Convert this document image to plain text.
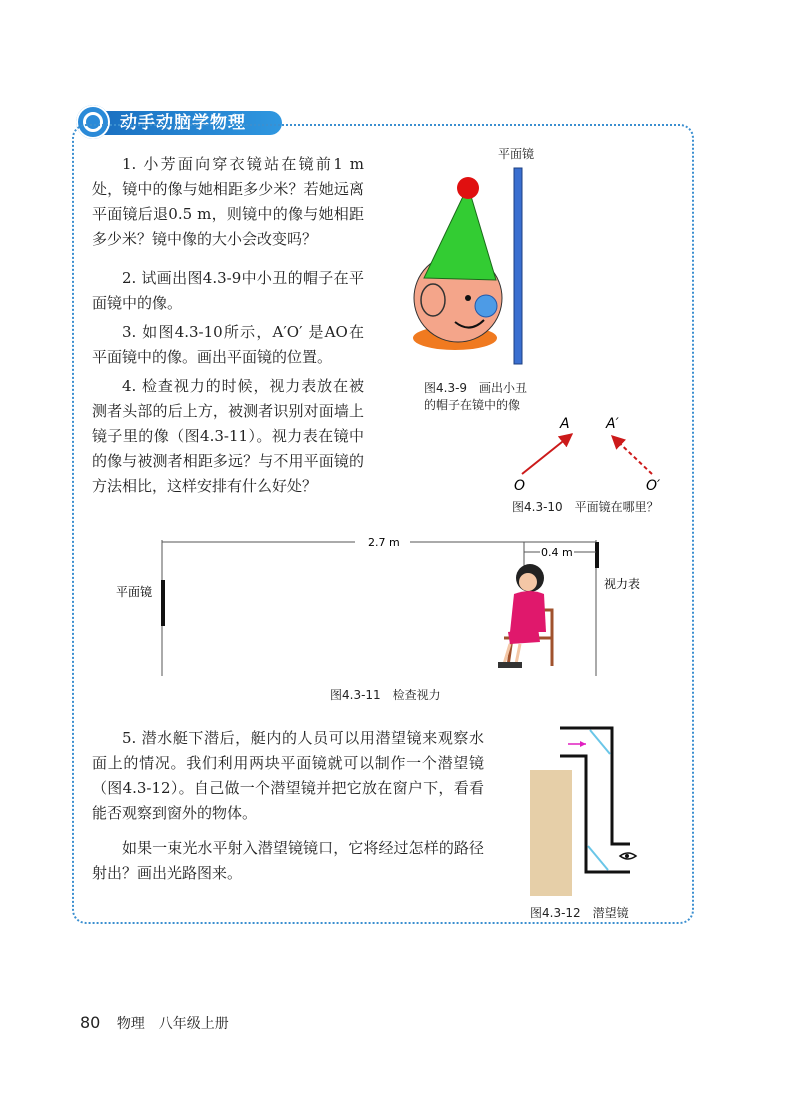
动手动脑学物理

1. 小芳面向穿衣镜站在镜前1 m处，镜中的像与她相距多少米？若她远离平面镜后退0.5 m，则镜中的像与她相距多少米？镜中像的大小会改变吗？

2. 试画出图4.3-9中小丑的帽子在平面镜中的像。

3. 如图4.3-10所示，A′O′ 是AO在平面镜中的像。画出平面镜的位置。

4. 检查视力的时候，视力表放在被测者头部的后上方，被测者识别对面墙上镜子里的像（图4.3-11）。视力表在镜中的像与被测者相距多远？与不用平面镜的方法相比，这样安排有什么好处？

平面镜
图4.3-9　画出小丑
的帽子在镜中的像
A	A′
O	O′
图4.3-10　平面镜在哪里？
2.7 m
0.4 m
平面镜
视力表
图4.3-11　检查视力

5. 潜水艇下潜后，艇内的人员可以用潜望镜来观察水面上的情况。我们利用两块平面镜就可以制作一个潜望镜（图4.3-12）。自己做一个潜望镜并把它放在窗户下，看看能否观察到窗外的物体。

如果一束光水平射入潜望镜镜口，它将经过怎样的路径射出？画出光路图来。

图4.3-12　潜望镜
80 物理　八年级上册
